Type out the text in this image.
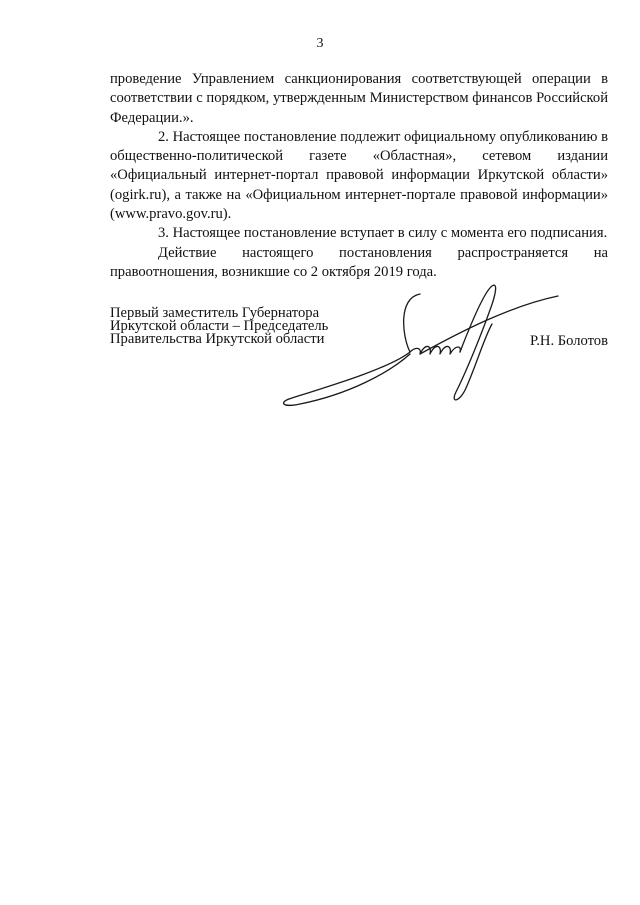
3

проведение Управлением санкционирования соответствующей операции в соответствии с порядком, утвержденным Министерством финансов Российской Федерации.».

2. Настоящее постановление подлежит официальному опубликованию в общественно-политической газете «Областная», сетевом издании «Официальный интернет-портал правовой информации Иркутской области» (ogirk.ru), а также на «Официальном интернет-портале правовой информации» (www.pravo.gov.ru).

3. Настоящее постановление вступает в силу с момента его подписания.

Действие настоящего постановления распространяется на правоотношения, возникшие со 2 октября 2019 года.

Первый заместитель Губернатора
Иркутской области – Председатель
Правительства Иркутской области	Р.Н. Болотов
